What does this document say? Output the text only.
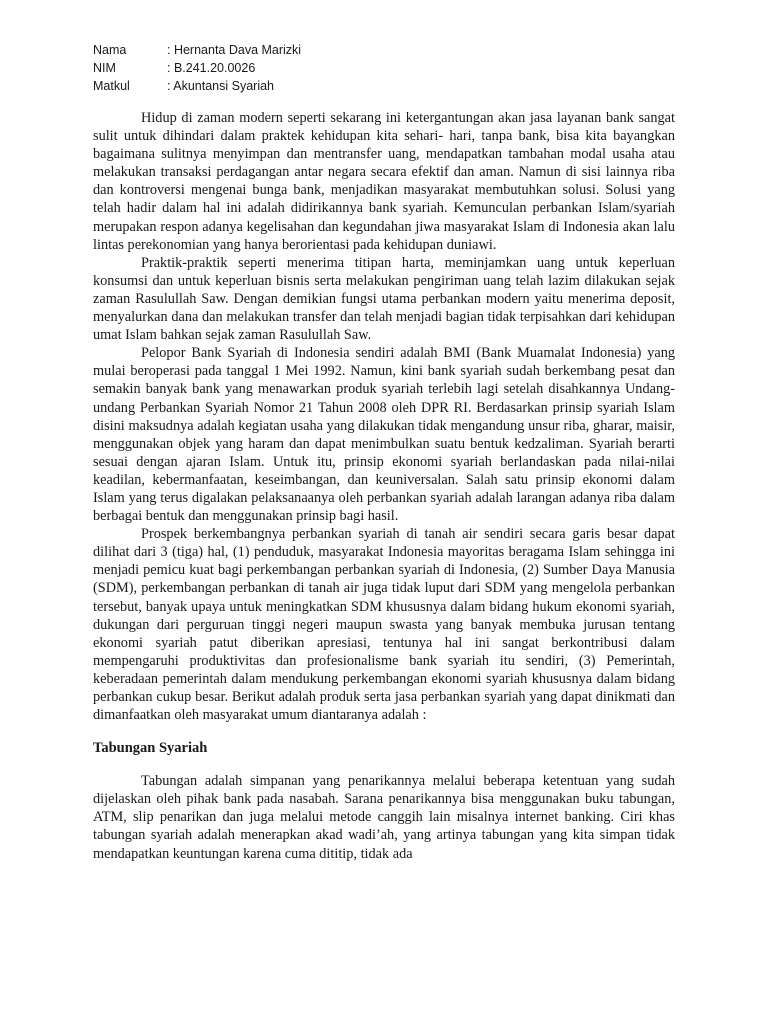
Nama	: Hernanta Dava Marizki
NIM	: B.241.20.0026
Matkul	: Akuntansi Syariah

Hidup di zaman modern seperti sekarang ini ketergantungan akan jasa layanan bank sangat sulit untuk dihindari dalam praktek kehidupan kita sehari- hari, tanpa bank, bisa kita bayangkan bagaimana sulitnya menyimpan dan mentransfer uang, mendapatkan tambahan modal usaha atau melakukan transaksi perdagangan antar negara secara efektif dan aman. Namun di sisi lainnya riba dan kontroversi mengenai bunga bank, menjadikan masyarakat membutuhkan solusi. Solusi yang telah hadir dalam hal ini adalah didirikannya bank syariah. Kemunculan perbankan Islam/syariah merupakan respon adanya kegelisahan dan kegundahan jiwa masyarakat Islam di Indonesia akan lalu lintas perekonomian yang hanya berorientasi pada kehidupan duniawi.

Praktik-praktik seperti menerima titipan harta, meminjamkan uang untuk keperluan konsumsi dan untuk keperluan bisnis serta melakukan pengiriman uang telah lazim dilakukan sejak zaman Rasulullah Saw. Dengan demikian fungsi utama perbankan modern yaitu menerima deposit, menyalurkan dana dan melakukan transfer dan telah menjadi bagian tidak terpisahkan dari kehidupan umat Islam bahkan sejak zaman Rasulullah Saw.

Pelopor Bank Syariah di Indonesia sendiri adalah BMI (Bank Muamalat Indonesia) yang mulai beroperasi pada tanggal 1 Mei 1992. Namun, kini bank syariah sudah berkembang pesat dan semakin banyak bank yang menawarkan produk syariah terlebih lagi setelah disahkannya Undang-undang Perbankan Syariah Nomor 21 Tahun 2008 oleh DPR RI. Berdasarkan prinsip syariah Islam disini maksudnya adalah kegiatan usaha yang dilakukan tidak mengandung unsur riba, gharar, maisir, menggunakan objek yang haram dan dapat menimbulkan suatu bentuk kedzaliman. Syariah berarti sesuai dengan ajaran Islam. Untuk itu, prinsip ekonomi syariah berlandaskan pada nilai-nilai keadilan, kebermanfaatan, keseimbangan, dan keuniversalan. Salah satu prinsip ekonomi dalam Islam yang terus digalakan pelaksanaanya oleh perbankan syariah adalah larangan adanya riba dalam berbagai bentuk dan menggunakan prinsip bagi hasil.

Prospek berkembangnya perbankan syariah di tanah air sendiri secara garis besar dapat dilihat dari 3 (tiga) hal, (1) penduduk, masyarakat Indonesia mayoritas beragama Islam sehingga ini menjadi pemicu kuat bagi perkembangan perbankan syariah di Indonesia, (2) Sumber Daya Manusia (SDM), perkembangan perbankan di tanah air juga tidak luput dari SDM yang mengelola perbankan tersebut, banyak upaya untuk meningkatkan SDM khususnya dalam bidang hukum ekonomi syariah, dukungan dari perguruan tinggi negeri maupun swasta yang banyak membuka jurusan tentang ekonomi syariah patut diberikan apresiasi, tentunya hal ini sangat berkontribusi dalam mempengaruhi produktivitas dan profesionalisme bank syariah itu sendiri, (3) Pemerintah, keberadaan pemerintah dalam mendukung perkembangan ekonomi syariah khususnya dalam bidang perbankan cukup besar. Berikut adalah produk serta jasa perbankan syariah yang dapat dinikmati dan dimanfaatkan oleh masyarakat umum diantaranya adalah :

Tabungan Syariah

Tabungan adalah simpanan yang penarikannya melalui beberapa ketentuan yang sudah dijelaskan oleh pihak bank pada nasabah. Sarana penarikannya bisa menggunakan buku tabungan, ATM, slip penarikan dan juga melalui metode canggih lain misalnya internet banking. Ciri khas tabungan syariah adalah menerapkan akad wadi’ah, yang artinya tabungan yang kita simpan tidak mendapatkan keuntungan karena cuma dititip, tidak ada
